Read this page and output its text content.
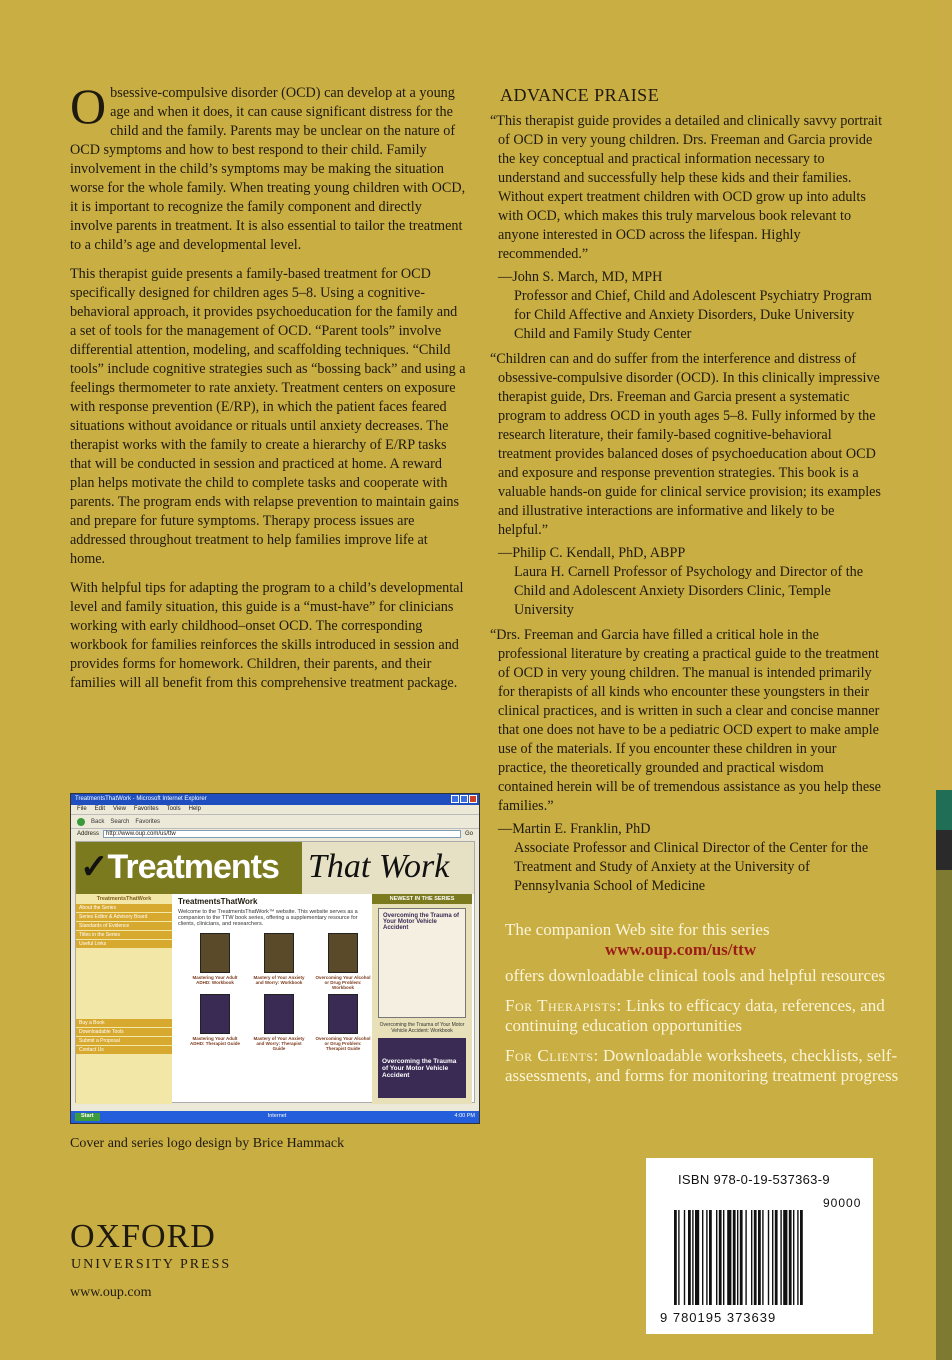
Obsessive-compulsive disorder (OCD) can develop at a young age and when it does, it can cause significant distress for the child and the family. Parents may be unclear on the nature of OCD symptoms and how to best respond to their child. Family involvement in the child’s symptoms may be making the situation worse for the whole family. When treating young children with OCD, it is important to recognize the family component and directly involve parents in treatment. It is also essential to tailor the treatment to a child’s age and developmental level.

This therapist guide presents a family-based treatment for OCD specifically designed for children ages 5–8. Using a cognitive-behavioral approach, it provides psychoeducation for the family and a set of tools for the management of OCD. “Parent tools” involve differential attention, modeling, and scaffolding techniques. “Child tools” include cognitive strategies such as “bossing back” and using a feelings thermometer to rate anxiety. Treatment centers on exposure with response prevention (E/RP), in which the patient faces feared situations without avoidance or rituals until anxiety decreases. The therapist works with the family to create a hierarchy of E/RP tasks that will be conducted in session and practiced at home. A reward plan helps motivate the child to complete tasks and cooperate with parents. The program ends with relapse prevention to maintain gains and prepare for future symptoms. Therapy process issues are addressed throughout treatment to help families improve life at home.

With helpful tips for adapting the program to a child’s developmental level and family situation, this guide is a “must-have” for clinicians working with early childhood–onset OCD. The corresponding workbook for families reinforces the skills introduced in session and provides forms for homework. Children, their parents, and their families will all benefit from this comprehensive treatment package.

ADVANCE PRAISE
“This therapist guide provides a detailed and clinically savvy portrait of OCD in very young children. Drs. Freeman and Garcia provide the key conceptual and practical information necessary to understand and successfully help these kids and their families. Without expert treatment children with OCD grow up into adults with OCD, which makes this truly marvelous book relevant to anyone interested in OCD across the lifespan. Highly recommended.”
—John S. March, MD, MPH
Professor and Chief, Child and Adolescent Psychiatry Program for Child Affective and Anxiety Disorders, Duke University Child and Family Study Center
“Children can and do suffer from the interference and distress of obsessive-compulsive disorder (OCD). In this clinically impressive therapist guide, Drs. Freeman and Garcia present a systematic program to address OCD in youth ages 5–8. Fully informed by the research literature, their family-based cognitive-behavioral treatment provides balanced doses of psychoeducation about OCD and exposure and response prevention strategies. This book is a valuable hands-on guide for clinical service provision; its examples and illustrative interactions are informative and likely to be helpful.”
—Philip C. Kendall, PhD, ABPP
Laura H. Carnell Professor of Psychology and Director of the Child and Adolescent Anxiety Disorders Clinic, Temple University
“Drs. Freeman and Garcia have filled a critical hole in the professional literature by creating a practical guide to the treatment of OCD in very young children. The manual is intended primarily for therapists of all kinds who encounter these youngsters in their clinical practices, and is written in such a clear and concise manner that one does not have to be a pediatric OCD expert to make ample use of the materials. If you encounter these children in your practice, the theoretically grounded and practical wisdom contained herein will be of tremendous assistance as you help these families.”
—Martin E. Franklin, PhD
Associate Professor and Clinical Director of the Center for the Treatment and Study of Anxiety at the University of Pennsylvania School of Medicine

The companion Web site for this series

www.oup.com/us/ttw

offers downloadable clinical tools and helpful resources

For Therapists: Links to efficacy data, references, and continuing education opportunities

For Clients: Downloadable worksheets, checklists, self-assessments, and forms for monitoring treatment progress

TreatmentsThatWork - Microsoft Internet Explorer
File Edit View Favorites Tools Help
Back Search Favorites
Address	http://www.oup.com/us/ttw	Go
✓Treatments That Work
TreatmentsThatWork
About the Series
Series Editor & Advisory Board
Standards of Evidence
Titles in the Series
Useful Links
Buy a Book
Downloadable Tools
Submit a Proposal
Contact Us
TreatmentsThatWork
Welcome to the TreatmentsThatWork™ website. This website serves as a companion to the TTW book series, offering a supplementary resource for clients, clinicians, and researchers.
Mastering Your Adult ADHD: Workbook
Mastery of Your Anxiety and Worry: Workbook
Overcoming Your Alcohol or Drug Problem: Workbook
Mastering Your Adult ADHD: Therapist Guide
Mastery of Your Anxiety and Worry: Therapist Guide
Overcoming Your Alcohol or Drug Problem: Therapist Guide
NEWEST IN THE SERIES
Overcoming the Trauma of Your Motor Vehicle Accident
Overcoming the Trauma of Your Motor Vehicle Accident: Workbook
Overcoming the Trauma of Your Motor Vehicle Accident
Start	Internet	4:00 PM
Cover and series logo design by Brice Hammack
OXFORD
UNIVERSITY PRESS
www.oup.com
ISBN 978-0-19-537363-9
90000
9 780195 373639
